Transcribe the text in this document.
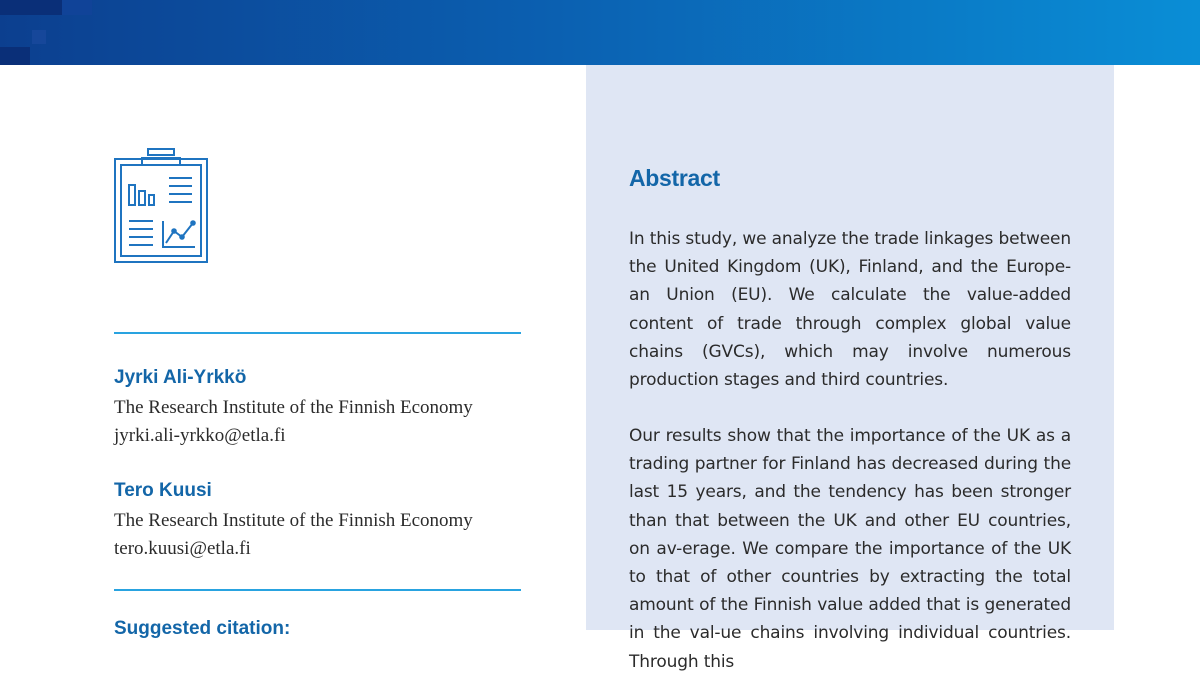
Jyrki Ali-Yrkkö

The Research Institute of the Finnish Economy

jyrki.ali-yrkko@etla.fi

Tero Kuusi

The Research Institute of the Finnish Economy

tero.kuusi@etla.fi

Suggested citation:
Abstract

In this study, we analyze the trade linkages between the United Kingdom (UK), Finland, and the Europe-an Union (EU). We calculate the value-added content of trade through complex global value chains (GVCs), which may involve numerous production stages and third countries.

Our results show that the importance of the UK as a trading partner for Finland has decreased during the last 15 years, and the tendency has been stronger than that between the UK and other EU countries, on av-erage. We compare the importance of the UK to that of other countries by extracting the total amount of the Finnish value added that is generated in the val-ue chains involving individual countries. Through this
